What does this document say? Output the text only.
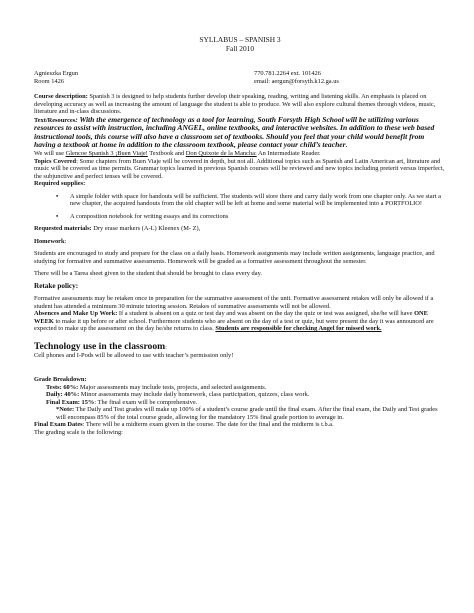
SYLLABUS – SPANISH 3
Fall 2010
Agnieszka Ergun
Room 1426
770.781.2264 ext. 101426
email: aergun@forsyth.k12.ga.us

Course description: Spanish 3 is designed to help students further develop their speaking, reading, writing and listening skills. An emphasis is placed on developing accuracy as well as increasing the amount of language the student is able to produce. We will also explore cultural themes through videos, music, literature and in-class discussions.

Text/Resources: With the emergence of technology as a tool for learning, South Forsyth High School will be utilizing various resources to assist with instruction, including ANGEL, online textbooks, and interactive websites. In addition to these web based instructional tools, this course will also have a classroom set of textbooks. Should you feel that your child would benefit from having a textbook at home in addition to the classroom textbook, please contact your child’s teacher.

We will use Glencoe Spanish 3 ¡Buen Viaje! Textbook and Don Quixote de la Mancha: An Intermediate Reader.

Topics Covered: Some chapters from Buen Viaje will be covered in depth, but not all. Additional topics such as Spanish and Latin American art, literature and music will be covered as time permits. Grammar topics learned in previous Spanish courses will be reviewed and new topics including preterit versus imperfect, the subjunctive and perfect tenses will be covered.

Required supplies:

•	A simple folder with space for handouts will be sufficient. The students will store there and carry daily work from one chapter only. As we start a new chapter, the acquired handouts from the old chapter will be left at home and some material will be implemented into a PORTFOLIO!
•	A composition notebook for writing essays and its corrections

Requested materials: Dry erase markers (A-L) Kleenex (M- Z),

Homework:

Students are encouraged to study and prepare for the class on a daily basis. Homework assignments may include written assignments, language practice, and studying for formative and summative assessments. Homework will be graded as a formative assessment throughout the semester.

There will be a Tarea sheet given to the student that should be brought to class every day.

Retake policy:

Formative assessments may be retaken once in preparation for the summative assessment of the unit. Formative assessment retakes will only be allowed if a student has attended a minimum 30 minute tutoring session. Retakes of summative assessments will not be allowed.

Absences and Make Up Work: If a student is absent on a quiz or test day and was absent on the day the quiz or test was assigned, she/he will have ONE WEEK to make it up before or after school. Furthermore students who are absent on the day of a test or quiz, but were present the day it was announced are expected to make up the assessment on the day he/she returns to class. Students are responsible for checking Angel for missed work.

Technology use in the classroom:

Cell phones and I-Pods will be allowed to use with teacher’s permission only!

Grade Breakdown:

Tests: 60%: Major assessments may include tests, projects, and selected assignments.

Daily: 40%: Minor assessments may include daily homework, class participation, quizzes, class work.

Final Exam: 15%: The final exam will be comprehensive.

*Note: The Daily and Test grades will make up 100% of a student’s course grade until the final exam. After the final exam, the Daily and Test grades will encompass 85% of the total course grade, allowing for the mandatory 15% final grade portion to average in.

Final Exam Dates: There will be a midterm exam given in the course. The date for the final and the midterm is t.b.a.

The grading scale is the following:
